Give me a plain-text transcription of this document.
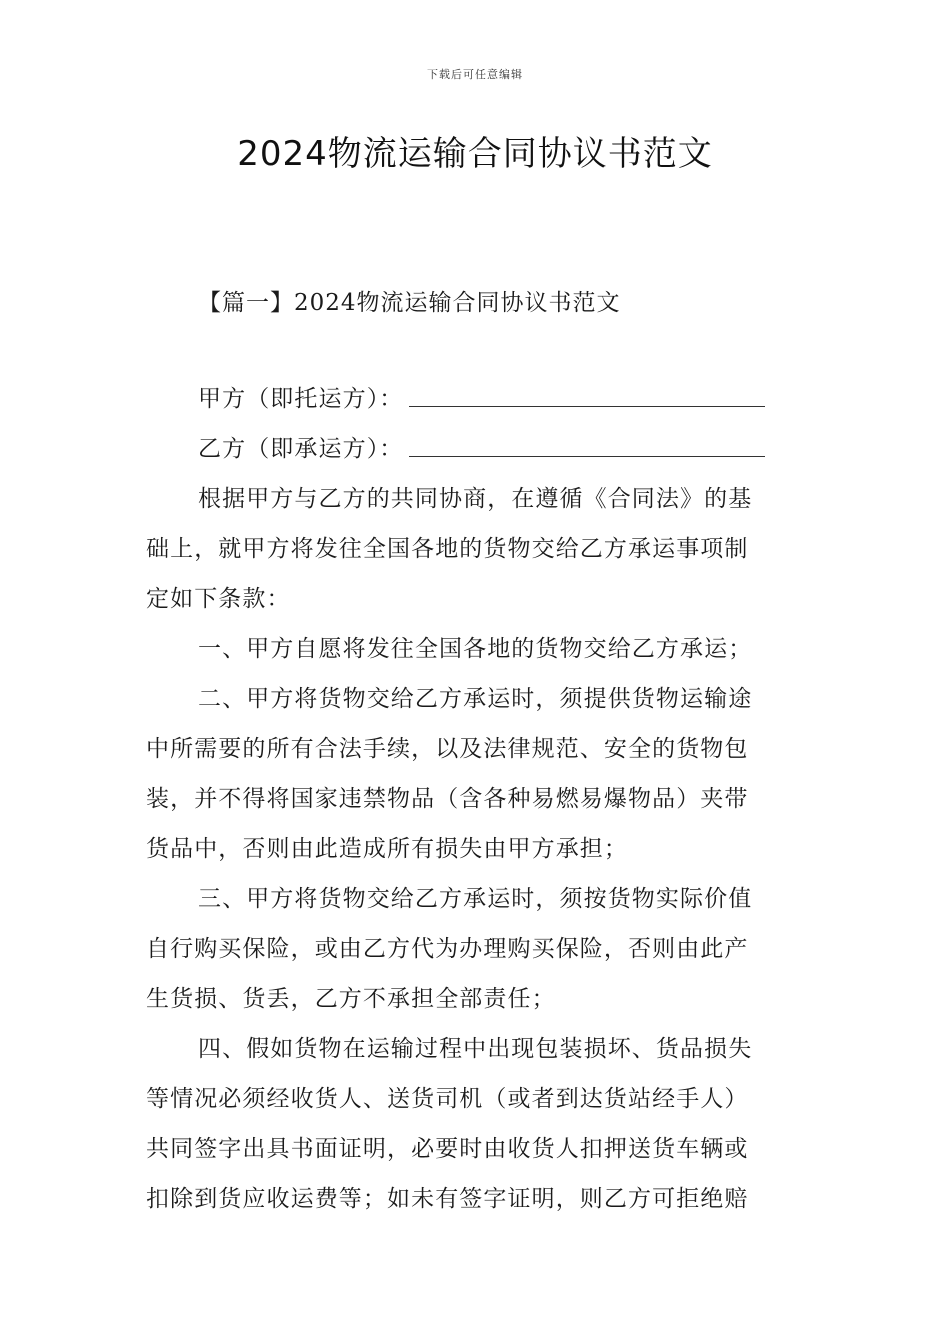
下载后可任意编辑
2024物流运输合同协议书范文
【篇一】2024物流运输合同协议书范文
甲方（即托运方）：
乙方（即承运方）：
根据甲方与乙方的共同协商，在遵循《合同法》的基
础上，就甲方将发往全国各地的货物交给乙方承运事项制
定如下条款：
一、甲方自愿将发往全国各地的货物交给乙方承运；
二、甲方将货物交给乙方承运时，须提供货物运输途
中所需要的所有合法手续，以及法律规范、安全的货物包
装，并不得将国家违禁物品（含各种易燃易爆物品）夹带
货品中，否则由此造成所有损失由甲方承担；
三、甲方将货物交给乙方承运时，须按货物实际价值
自行购买保险，或由乙方代为办理购买保险，否则由此产
生货损、货丢，乙方不承担全部责任；
四、假如货物在运输过程中出现包装损坏、货品损失
等情况必须经收货人、送货司机（或者到达货站经手人）
共同签字出具书面证明，必要时由收货人扣押送货车辆或
扣除到货应收运费等；如未有签字证明，则乙方可拒绝赔
